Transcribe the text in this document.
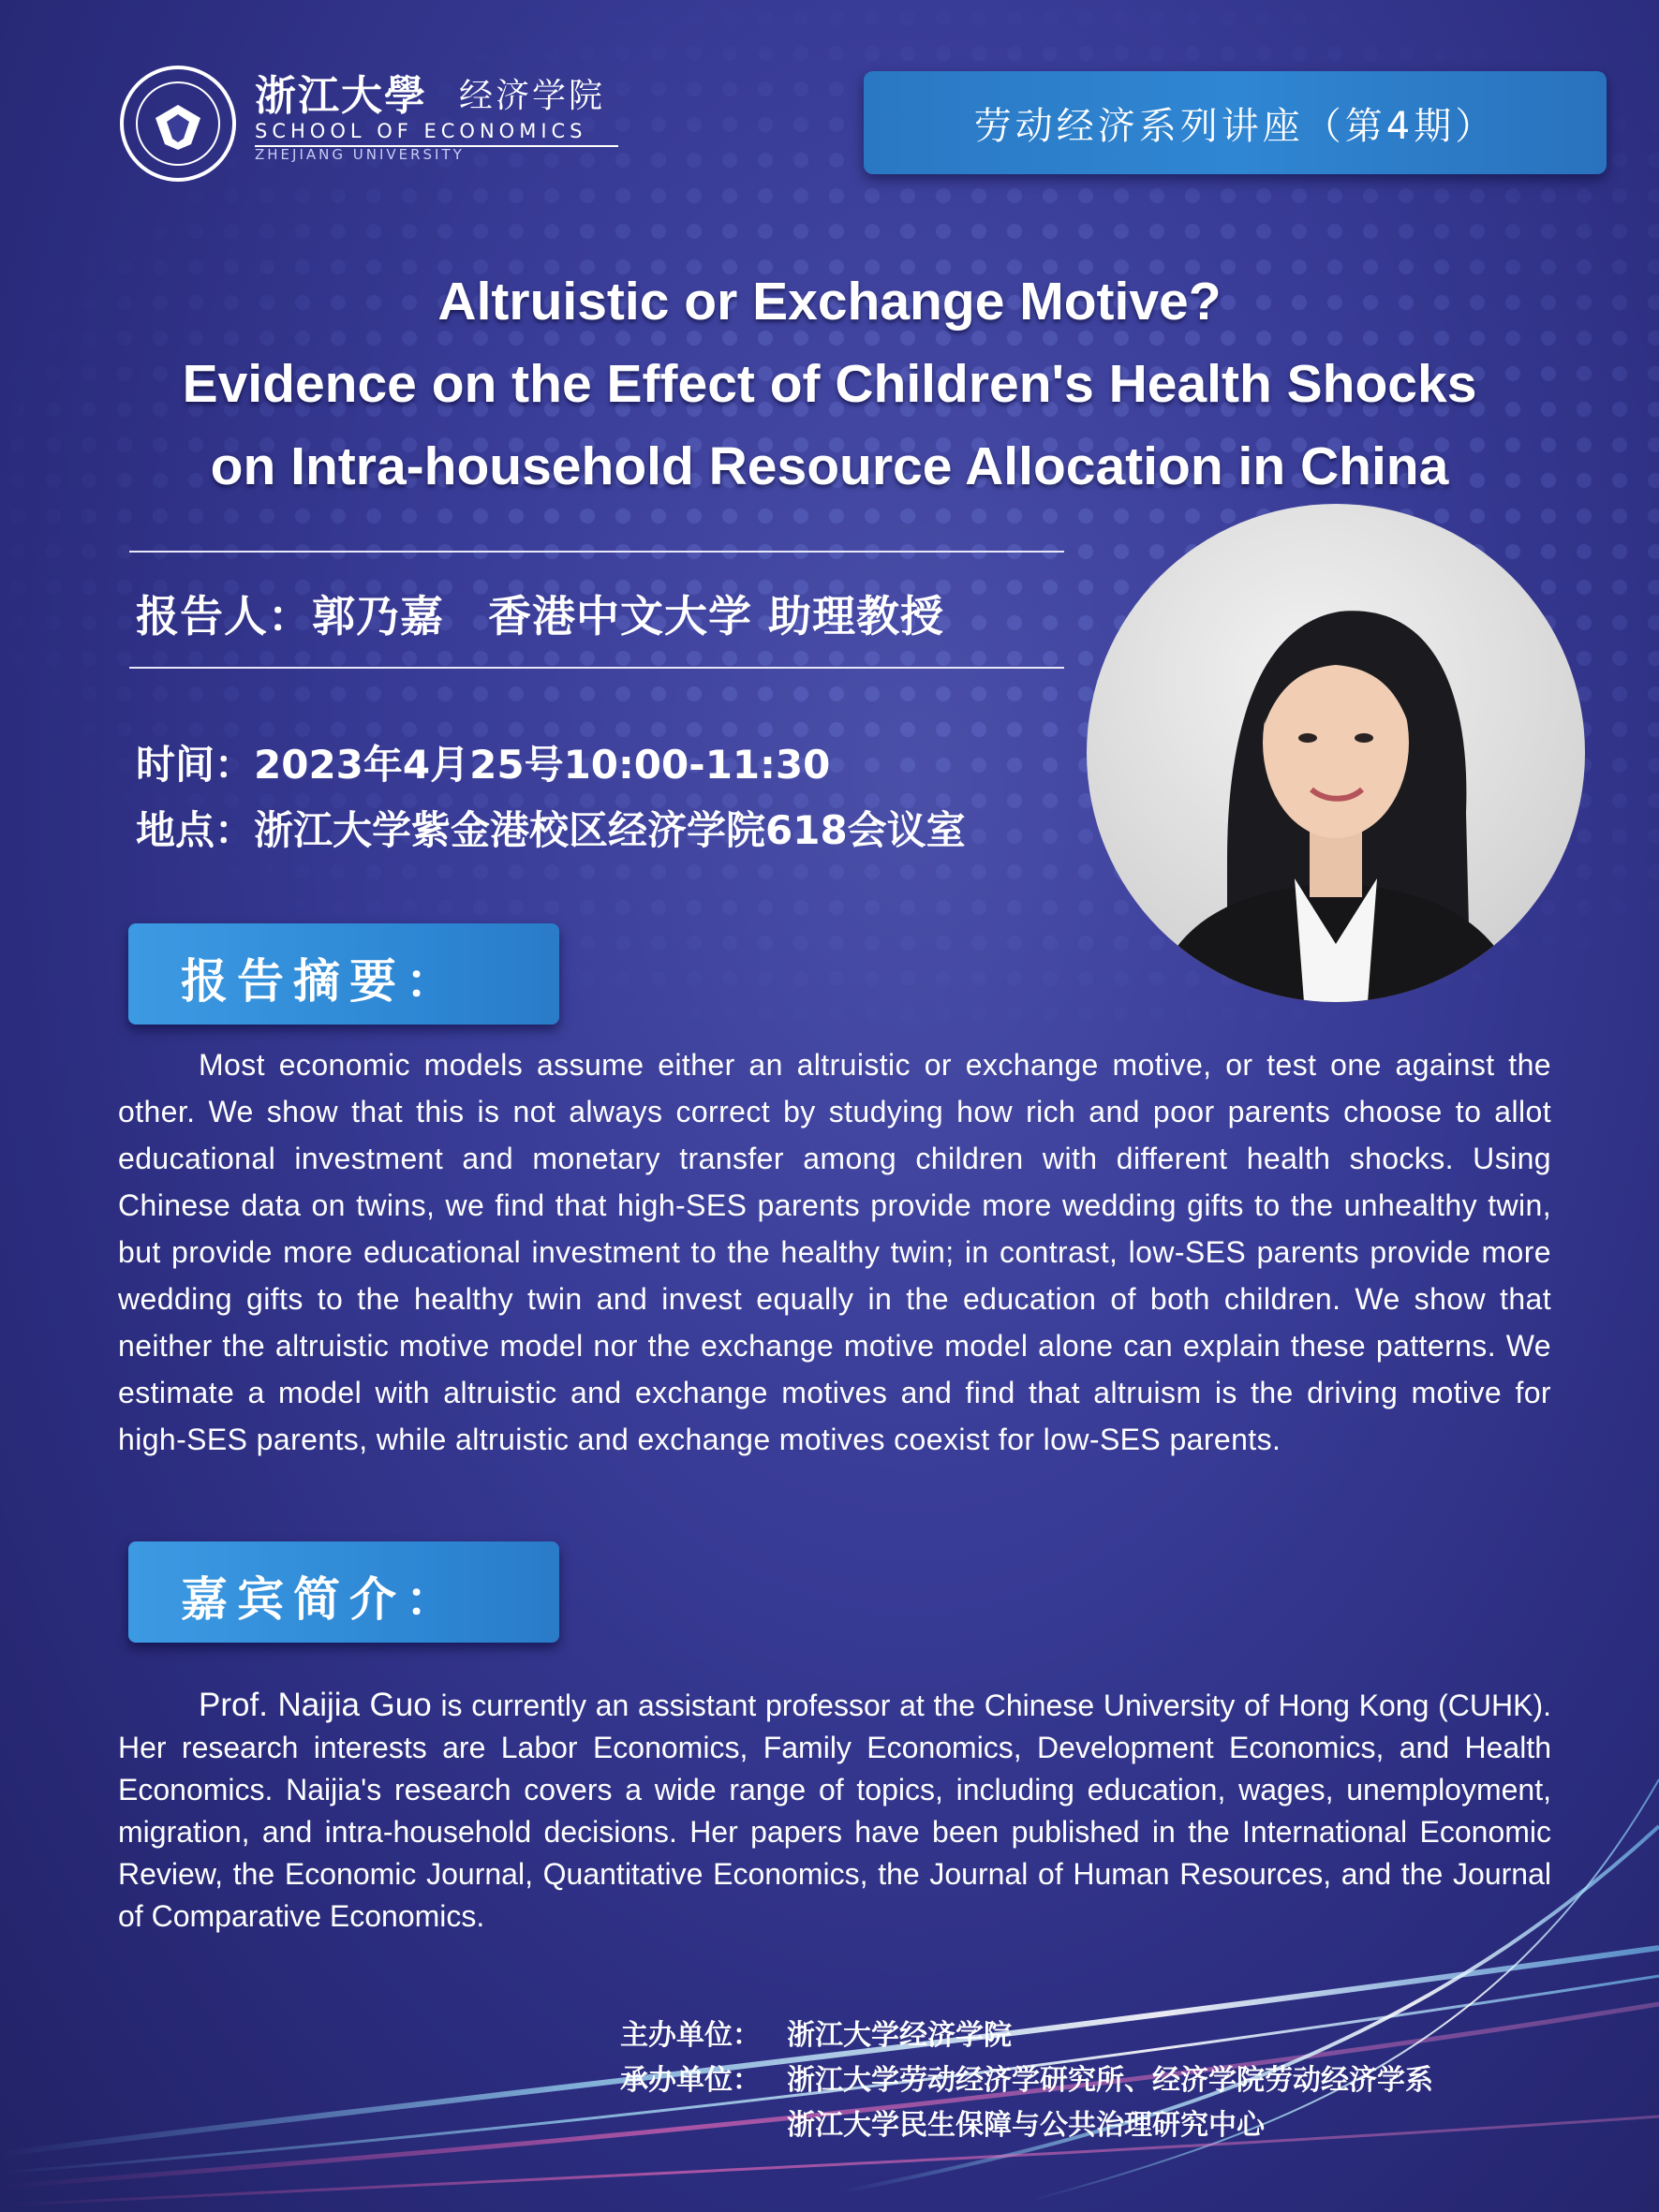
浙江大學 经济学院
SCHOOL OF ECONOMICS
ZHEJIANG UNIVERSITY
劳动经济系列讲座（第4期）
Altruistic or Exchange Motive?
Evidence on the Effect of Children's Health Shocks
on Intra-household Resource Allocation in China
报告人：郭乃嘉　香港中文大学 助理教授
时间：2023年4月25号10:00-11:30
地点：浙江大学紫金港校区经济学院618会议室
报告摘要：
Most economic models assume either an altruistic or exchange motive, or test one against the other. We show that this is not always correct by studying how rich and poor parents choose to allot educational investment and monetary transfer among children with different health shocks. Using Chinese data on twins, we find that high-SES parents provide more wedding gifts to the unhealthy twin, but provide more educational investment to the healthy twin; in contrast, low-SES parents provide more wedding gifts to the healthy twin and invest equally in the education of both children. We show that neither the altruistic motive model nor the exchange motive model alone can explain these patterns. We estimate a model with altruistic and exchange motives and find that altruism is the driving motive for high-SES parents, while altruistic and exchange motives coexist for low-SES parents.
嘉宾简介：
Prof. Naijia Guo is currently an assistant professor at the Chinese University of Hong Kong (CUHK). Her research interests are Labor Economics, Family Economics, Development Economics, and Health Economics. Naijia's research covers a wide range of topics, including education, wages, unemployment, migration, and intra-household decisions. Her papers have been published in the International Economic Review, the Economic Journal, Quantitative Economics, the Journal of Human Resources, and the Journal of Comparative Economics.
主办单位： 浙江大学经济学院
承办单位： 浙江大学劳动经济学研究所、经济学院劳动经济学系
浙江大学民生保障与公共治理研究中心
